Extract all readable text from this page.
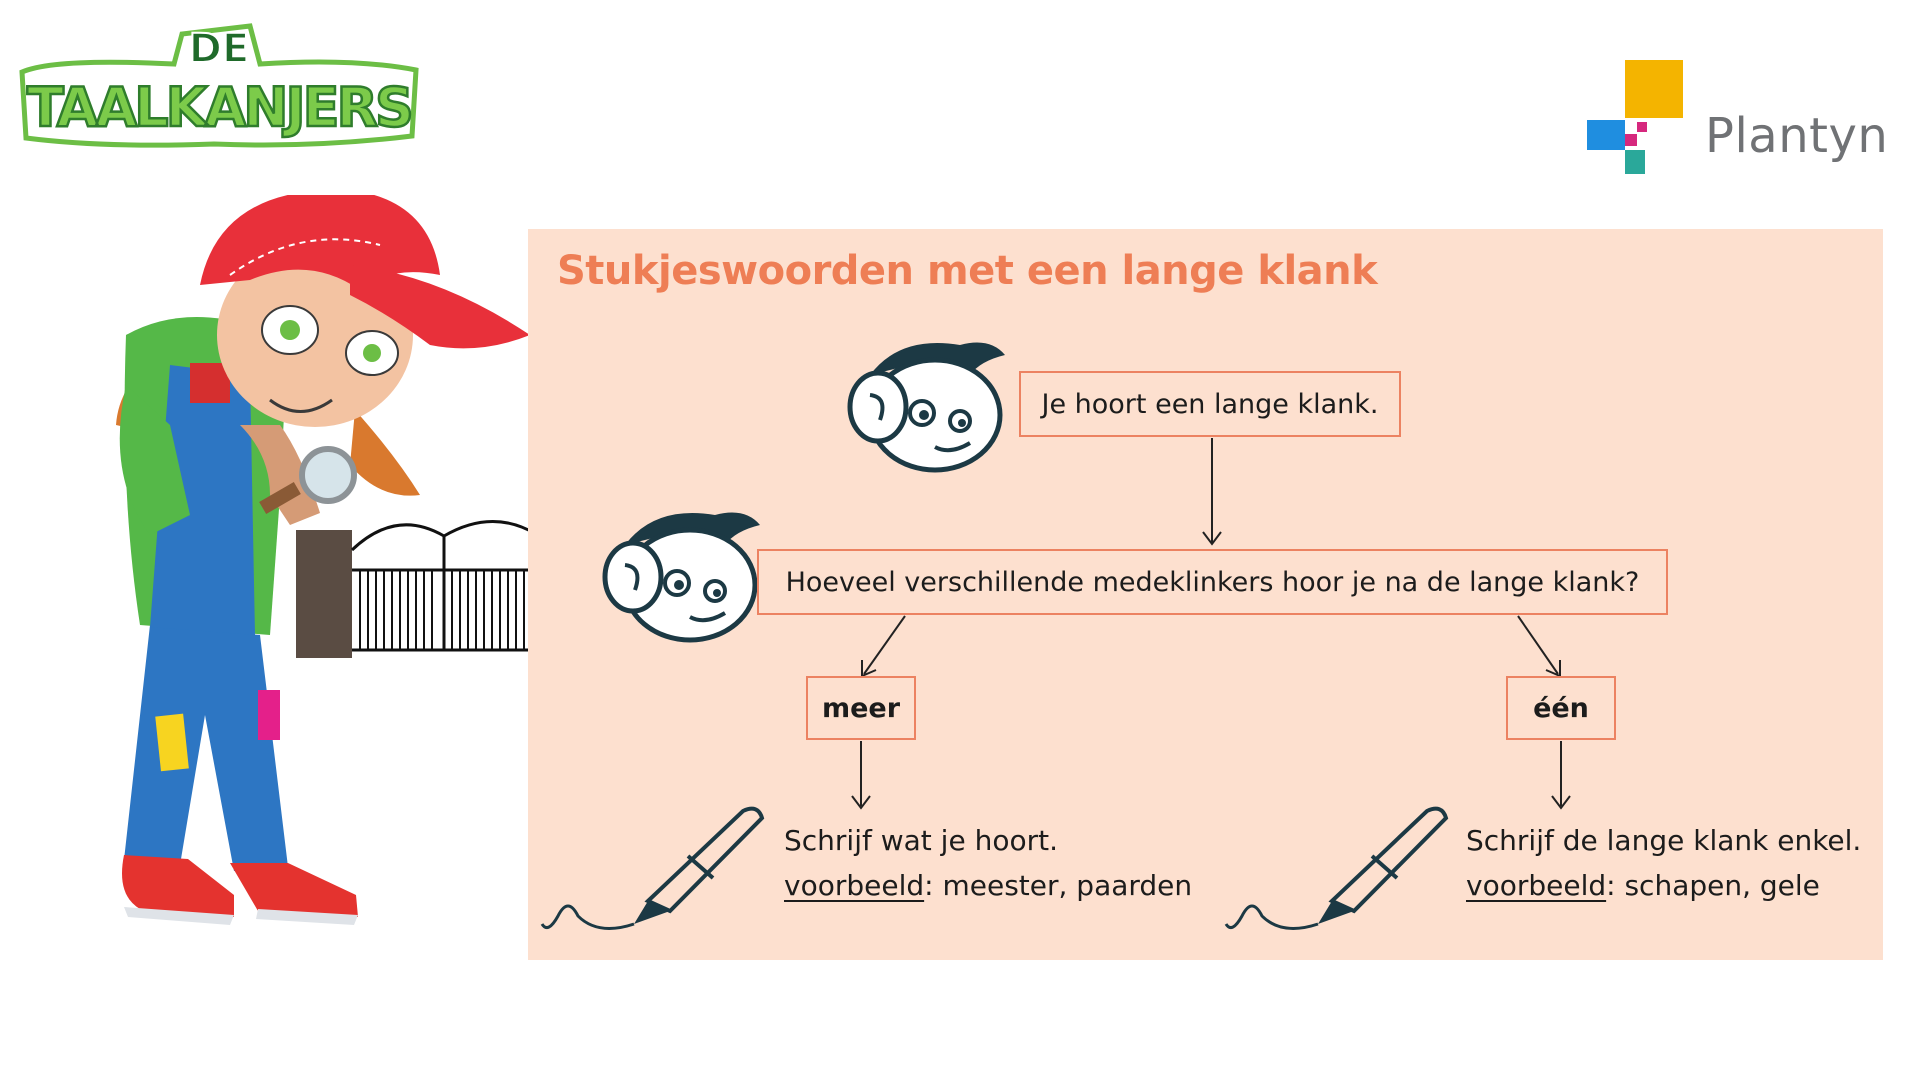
DE
TAALKANJERS	Plantyn
Stukjeswoorden met een lange klank
Je hoort een lange klank.
Hoeveel verschillende medeklinkers hoor je na de lange klank?
meer	één
Schrijf wat je hoort.
voorbeeld: meester, paarden
Schrijf de lange klank enkel.
voorbeeld: schapen, gele
